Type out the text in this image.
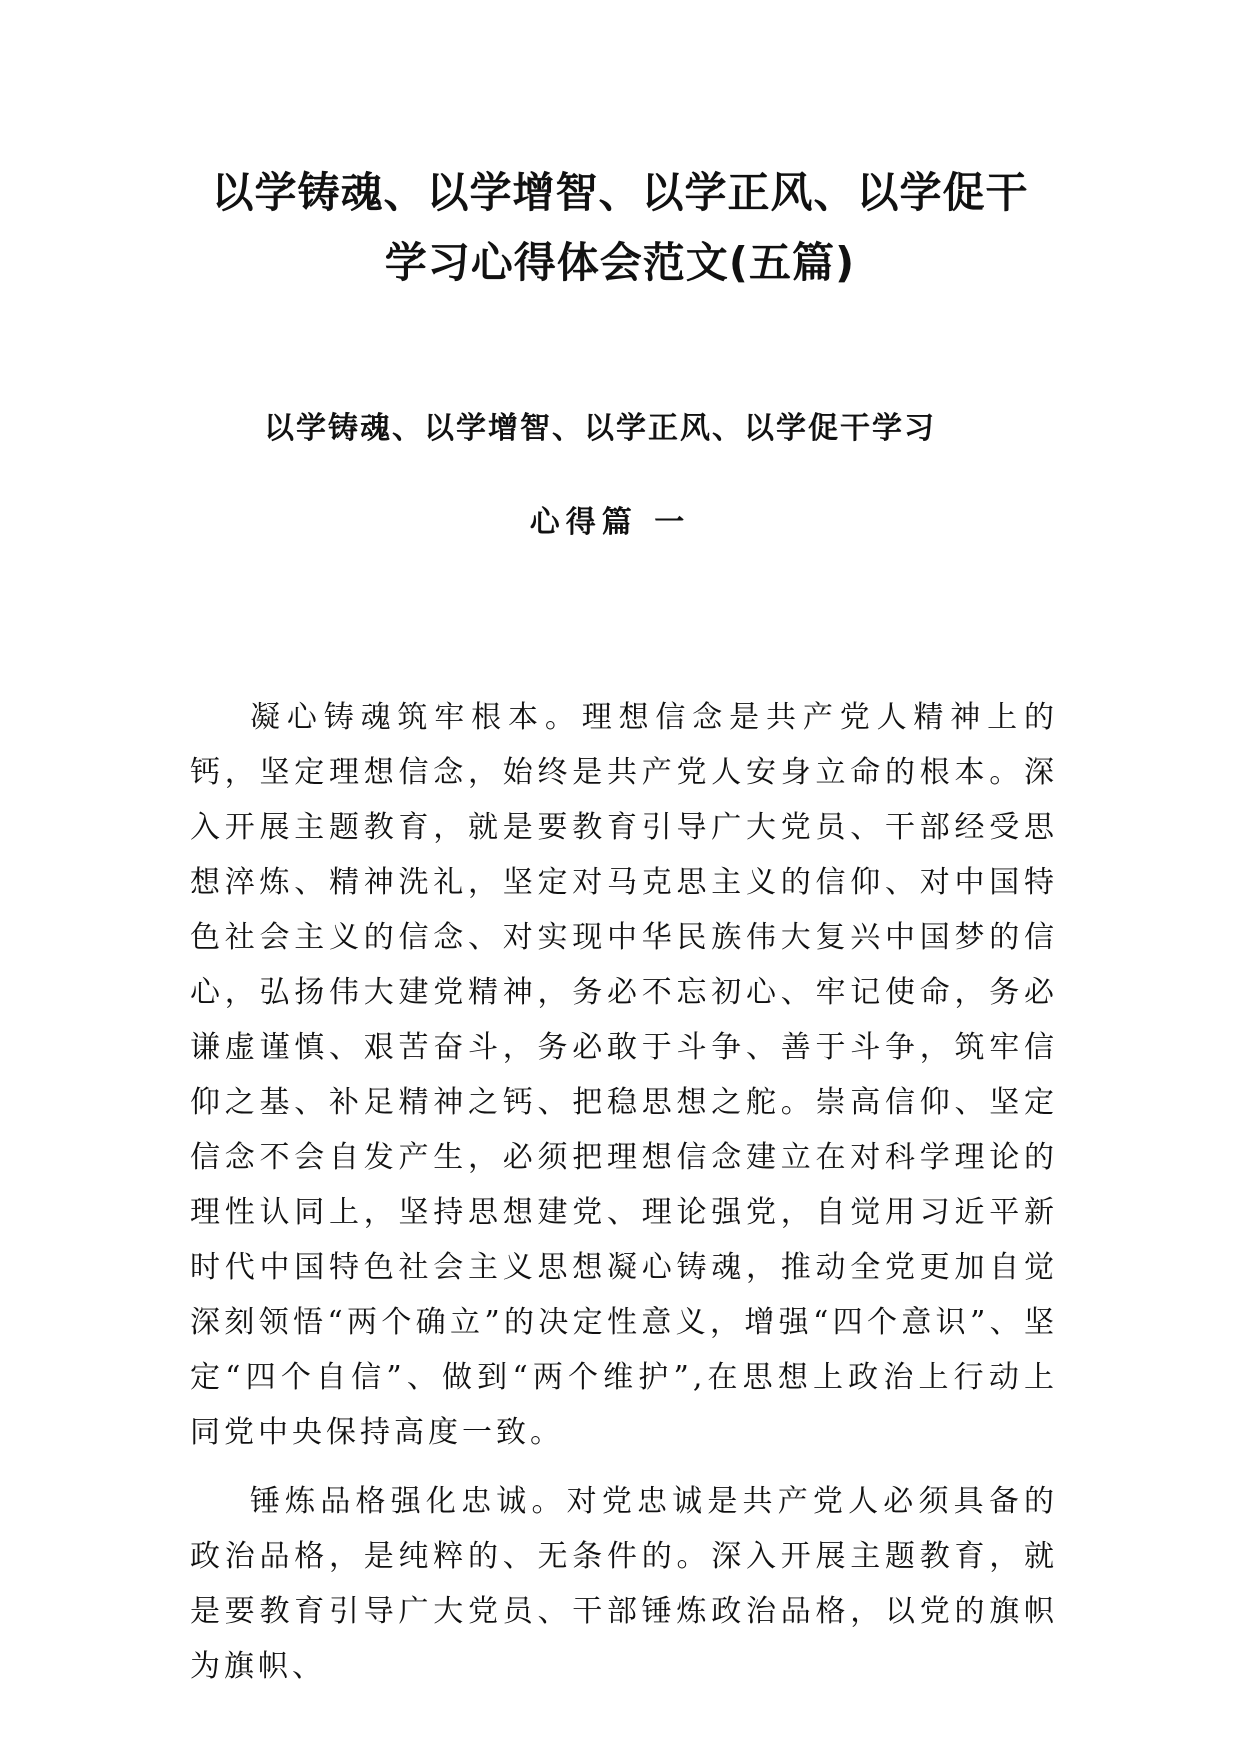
以学铸魂、以学增智、以学正风、以学促干
学习心得体会范文(五篇)
以学铸魂、以学增智、以学正风、以学促干学习
心得篇 一

凝心铸魂筑牢根本。理想信念是共产党人精神上的钙，坚定理想信念，始终是共产党人安身立命的根本。深入开展主题教育，就是要教育引导广大党员、干部经受思想淬炼、精神洗礼，坚定对马克思主义的信仰、对中国特色社会主义的信念、对实现中华民族伟大复兴中国梦的信心，弘扬伟大建党精神，务必不忘初心、牢记使命，务必谦虚谨慎、艰苦奋斗，务必敢于斗争、善于斗争，筑牢信仰之基、补足精神之钙、把稳思想之舵。崇高信仰、坚定信念不会自发产生，必须把理想信念建立在对科学理论的理性认同上，坚持思想建党、理论强党，自觉用习近平新时代中国特色社会主义思想凝心铸魂，推动全党更加自觉深刻领悟“两个确立”的决定性意义，增强“四个意识”、坚定“四个自信”、做到“两个维护”,在思想上政治上行动上同党中央保持高度一致。

锤炼品格强化忠诚。对党忠诚是共产党人必须具备的政治品格，是纯粹的、无条件的。深入开展主题教育，就是要教育引导广大党员、干部锤炼政治品格，以党的旗帜为旗帜、
